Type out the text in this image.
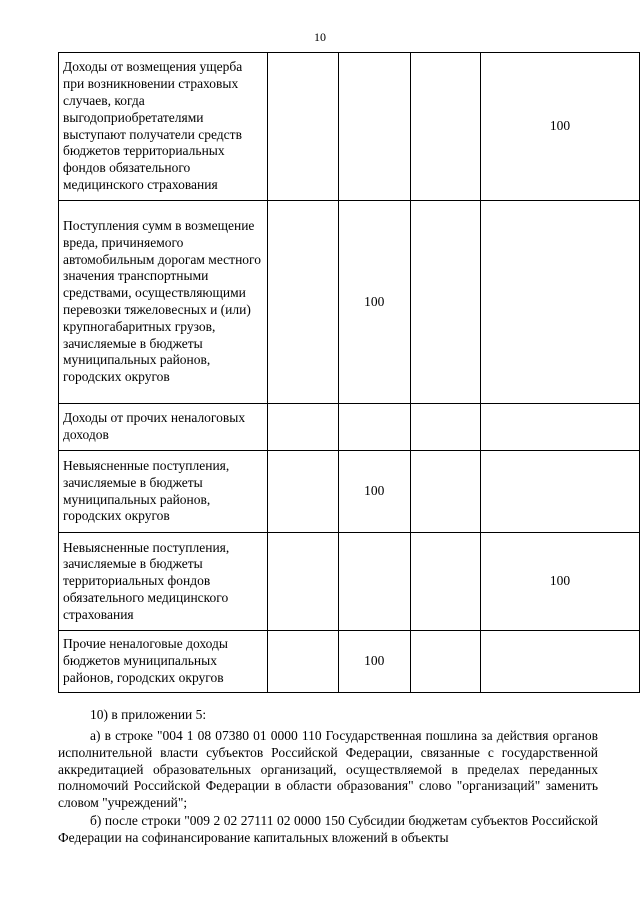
10
Доходы от возмещения ущерба при возникновении страховых случаев, когда выгодоприобретателями выступают получатели средств бюджетов территориальных фондов обязательного медицинского страхования				100
Поступления сумм в возмещение вреда, причиняемого автомобильным дорогам местного значения транспортными средствами, осуществляющими перевозки тяжеловесных и (или) крупногабаритных грузов, зачисляемые в бюджеты муниципальных районов, городских округов		100		
Доходы от прочих неналоговых доходов				
Невыясненные поступления, зачисляемые в бюджеты муниципальных районов, городских округов		100		
Невыясненные поступления, зачисляемые в бюджеты территориальных фондов обязательного медицинского страхования				100
Прочие неналоговые доходы бюджетов муниципальных районов, городских округов		100		
10) в приложении 5:
а) в строке "004 1 08 07380 01 0000 110 Государственная пошлина за действия органов исполнительной власти субъектов Российской Федерации, связанные с государственной аккредитацией образовательных организаций, осуществляемой в пределах переданных полномочий Российской Федерации в области образования" слово "организаций" заменить словом "учреждений";
б) после строки "009 2 02 27111 02 0000 150 Субсидии бюджетам субъектов Российской Федерации на софинансирование капитальных вложений в объекты
